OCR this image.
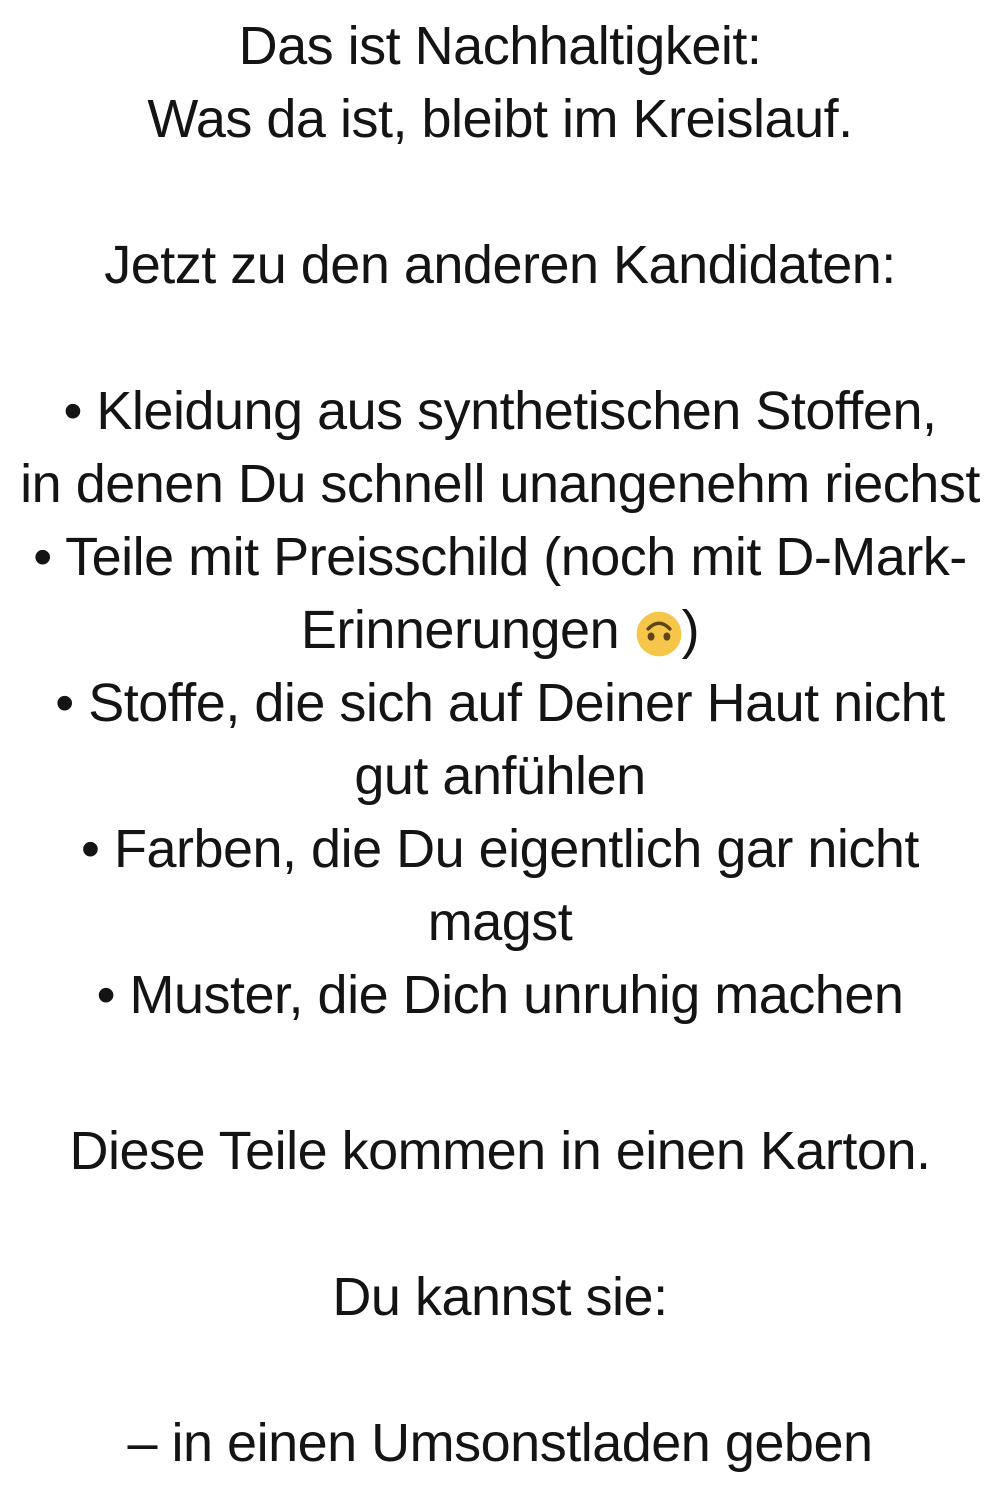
Das ist Nachhaltigkeit:
Was da ist, bleibt im Kreislauf.
Jetzt zu den anderen Kandidaten:
• Kleidung aus synthetischen Stoffen,
in denen Du schnell unangenehm riechst
• Teile mit Preisschild (noch mit D-Mark-
Erinnerungen )
• Stoffe, die sich auf Deiner Haut nicht
gut anfühlen
• Farben, die Du eigentlich gar nicht
magst
• Muster, die Dich unruhig machen
Diese Teile kommen in einen Karton.
Du kannst sie:
– in einen Umsonstladen geben
